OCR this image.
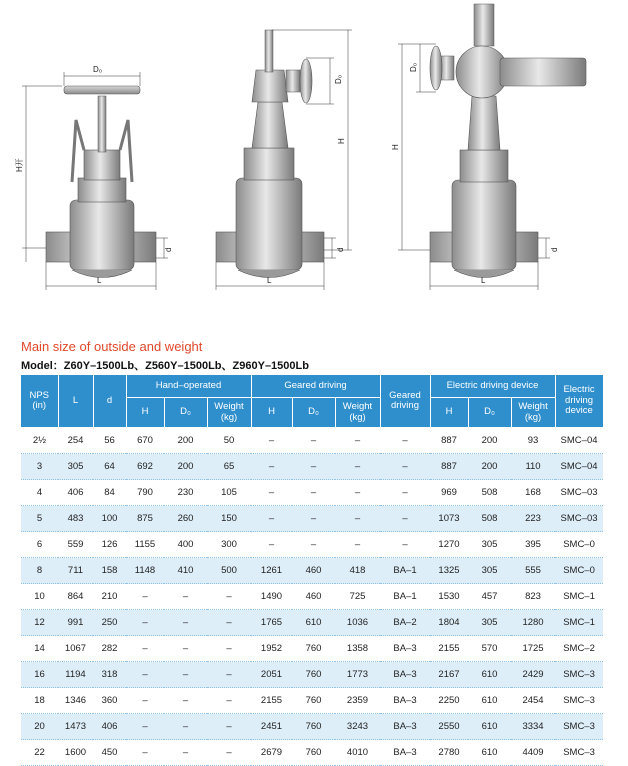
D₀
H开
L
d
D₀
H
L
d
D₀
H
L
d
Main size of outside and weight

Model：Z60Y–1500Lb、Z560Y–1500Lb、Z960Y–1500Lb

NPS (in)	L	d	Hand–operated			Geared driving			Geared driving	Electric driving device			Electric driving device
			H	D₀	Weight (kg)	H	D₀	Weight (kg)		H	D₀	Weight (kg)	
2½	254	56	670	200	50	–	–	–	–	887	200	93	SMC–04
3	305	64	692	200	65	–	–	–	–	887	200	110	SMC–04
4	406	84	790	230	105	–	–	–	–	969	508	168	SMC–03
5	483	100	875	260	150	–	–	–	–	1073	508	223	SMC–03
6	559	126	1155	400	300	–	–	–	–	1270	305	395	SMC–0
8	711	158	1148	410	500	1261	460	418	BA–1	1325	305	555	SMC–0
10	864	210	–	–	–	1490	460	725	BA–1	1530	457	823	SMC–1
12	991	250	–	–	–	1765	610	1036	BA–2	1804	305	1280	SMC–1
14	1067	282	–	–	–	1952	760	1358	BA–3	2155	570	1725	SMC–2
16	1194	318	–	–	–	2051	760	1773	BA–3	2167	610	2429	SMC–3
18	1346	360	–	–	–	2155	760	2359	BA–3	2250	610	2454	SMC–3
20	1473	406	–	–	–	2451	760	3243	BA–3	2550	610	3334	SMC–3
22	1600	450	–	–	–	2679	760	4010	BA–3	2780	610	4409	SMC–3
